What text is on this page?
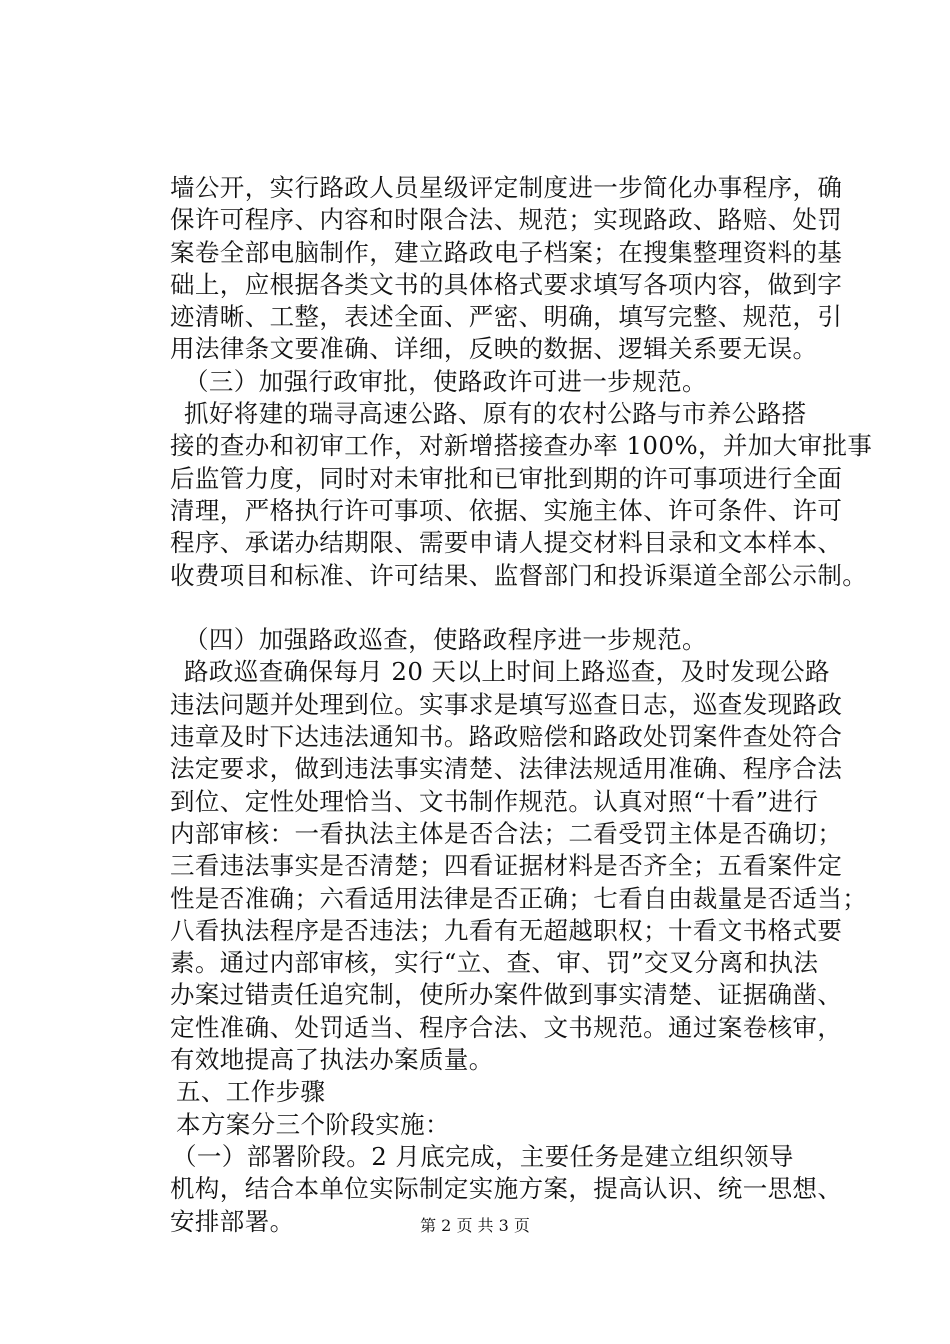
墙公开，实行路政人员星级评定制度进一步简化办事程序，确
保许可程序、内容和时限合法、规范；实现路政、路赔、处罚
案卷全部电脑制作，建立路政电子档案；在搜集整理资料的基
础上，应根据各类文书的具体格式要求填写各项内容，做到字
迹清晰、工整，表述全面、严密、明确，填写完整、规范，引
用法律条文要准确、详细，反映的数据、逻辑关系要无误。
（三）加强行政审批，使路政许可进一步规范。
抓好将建的瑞寻高速公路、原有的农村公路与市养公路搭
接的查办和初审工作，对新增搭接查办率 100%，并加大审批事
后监管力度，同时对未审批和已审批到期的许可事项进行全面
清理，严格执行许可事项、依据、实施主体、许可条件、许可
程序、承诺办结期限、需要申请人提交材料目录和文本样本、
收费项目和标准、许可结果、监督部门和投诉渠道全部公示制。
（四）加强路政巡查，使路政程序进一步规范。
路政巡查确保每月 20 天以上时间上路巡查，及时发现公路
违法问题并处理到位。实事求是填写巡查日志，巡查发现路政
违章及时下达违法通知书。路政赔偿和路政处罚案件查处符合
法定要求，做到违法事实清楚、法律法规适用准确、程序合法
到位、定性处理恰当、文书制作规范。认真对照“十看”进行
内部审核：一看执法主体是否合法；二看受罚主体是否确切；
三看违法事实是否清楚；四看证据材料是否齐全；五看案件定
性是否准确；六看适用法律是否正确；七看自由裁量是否适当；
八看执法程序是否违法；九看有无超越职权；十看文书格式要
素。通过内部审核，实行“立、查、审、罚”交叉分离和执法
办案过错责任追究制，使所办案件做到事实清楚、证据确凿、
定性准确、处罚适当、程序合法、文书规范。通过案卷核审，
有效地提高了执法办案质量。
五、工作步骤
本方案分三个阶段实施：
（一）部署阶段。2 月底完成，主要任务是建立组织领导
机构，结合本单位实际制定实施方案，提高认识、统一思想、
安排部署。	第 2 页 共 3 页
